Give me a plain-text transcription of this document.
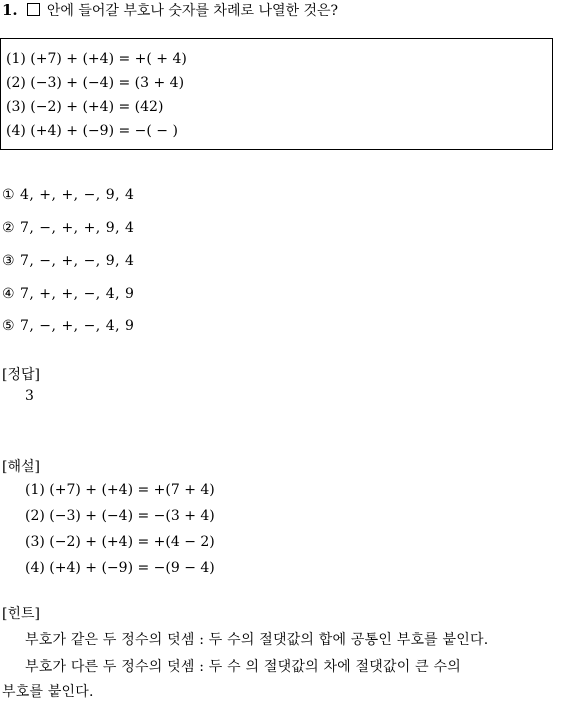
1. 안에 들어갈 부호나 숫자를 차례로 나열한 것은?
(1) (+7) + (+4) = +( + 4)
(2) (−3) + (−4) = (3 + 4)
(3) (−2) + (+4) = (42)
(4) (+4) + (−9) = −( − )
① 4, +, +, −, 9, 4
② 7, −, +, +, 9, 4
③ 7, −, +, −, 9, 4
④ 7, +, +, −, 4, 9
⑤ 7, −, +, −, 4, 9
[정답]
3
[해설]
(1) (+7) + (+4) = +(7 + 4)
(2) (−3) + (−4) = −(3 + 4)
(3) (−2) + (+4) = +(4 − 2)
(4) (+4) + (−9) = −(9 − 4)
[힌트]
부호가 같은 두 정수의 덧셈 : 두 수의 절댓값의 합에 공통인 부호를 붙인다.
부호가 다른 두 정수의 덧셈 : 두 수 의 절댓값의 차에 절댓값이 큰 수의
부호를 붙인다.
